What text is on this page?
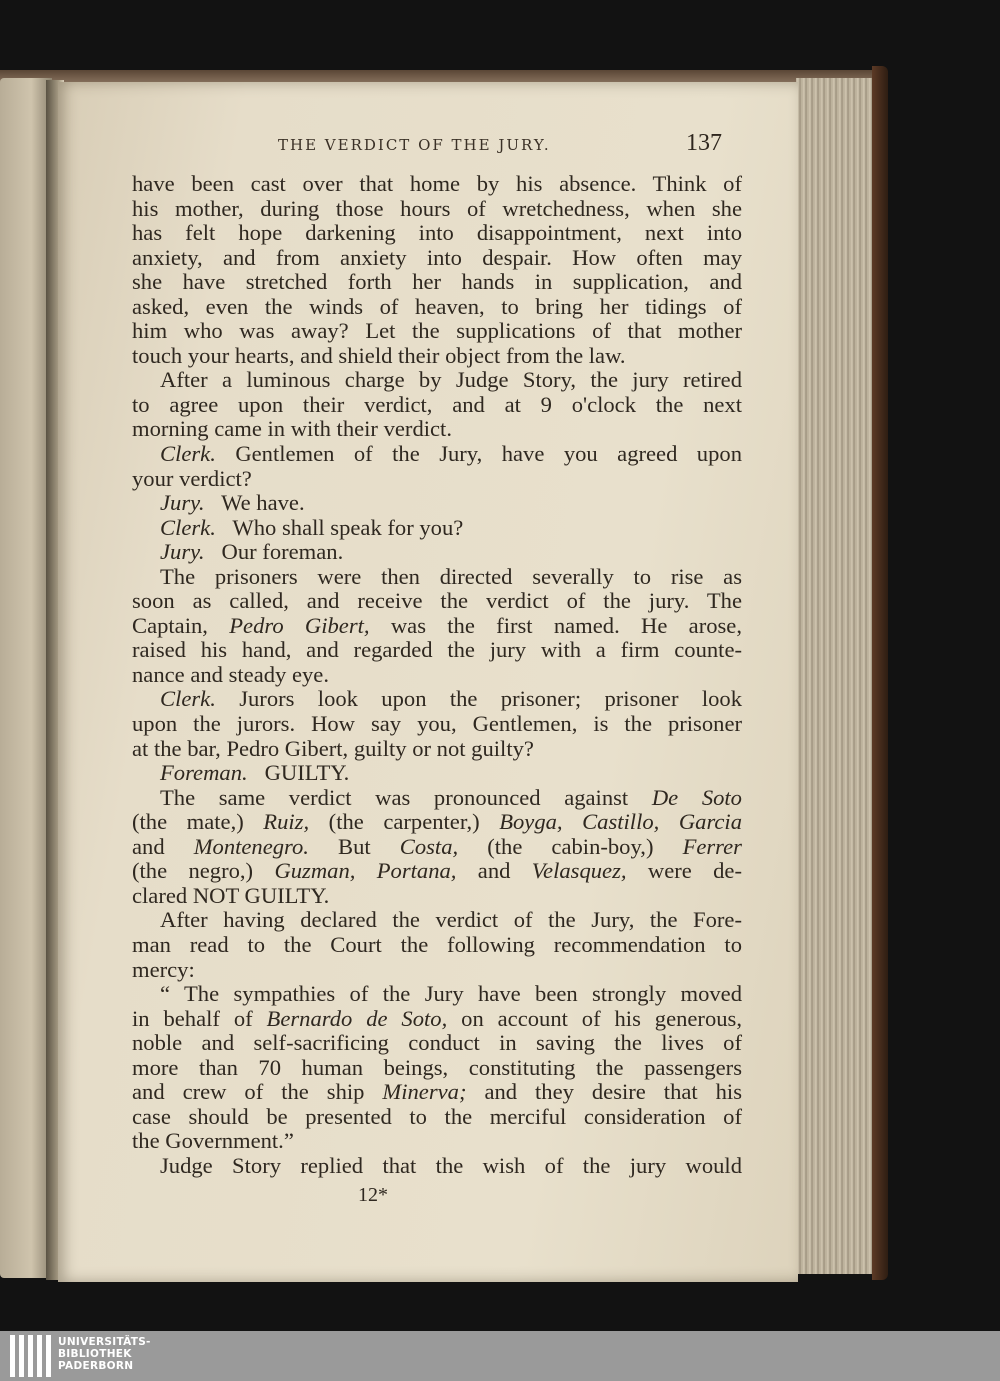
THE VERDICT OF THE JURY.	137
have been cast over that home by his absence. Think of
his mother, during those hours of wretchedness, when she
has felt hope darkening into disappointment, next into
anxiety, and from anxiety into despair. How often may
she have stretched forth her hands in supplication, and
asked, even the winds of heaven, to bring her tidings of
him who was away? Let the supplications of that mother
touch your hearts, and shield their object from the law.
After a luminous charge by Judge Story, the jury retired
to agree upon their verdict, and at 9 o'clock the next
morning came in with their verdict.
Clerk. Gentlemen of the Jury, have you agreed upon
your verdict?
Jury. We have.
Clerk. Who shall speak for you?
Jury. Our foreman.
The prisoners were then directed severally to rise as
soon as called, and receive the verdict of the jury. The
Captain, Pedro Gibert, was the first named. He arose,
raised his hand, and regarded the jury with a firm counte-
nance and steady eye.
Clerk. Jurors look upon the prisoner; prisoner look
upon the jurors. How say you, Gentlemen, is the prisoner
at the bar, Pedro Gibert, guilty or not guilty?
Foreman. GUILTY.
The same verdict was pronounced against De Soto
(the mate,) Ruiz, (the carpenter,) Boyga, Castillo, Garcia
and Montenegro. But Costa, (the cabin-boy,) Ferrer
(the negro,) Guzman, Portana, and Velasquez, were de-
clared NOT GUILTY.
After having declared the verdict of the Jury, the Fore-
man read to the Court the following recommendation to
mercy:
“ The sympathies of the Jury have been strongly moved
in behalf of Bernardo de Soto, on account of his generous,
noble and self-sacrificing conduct in saving the lives of
more than 70 human beings, constituting the passengers
and crew of the ship Minerva; and they desire that his
case should be presented to the merciful consideration of
the Government.”
Judge Story replied that the wish of the jury would
12*
UNIVERSITÄTS-
BIBLIOTHEK
PADERBORN
